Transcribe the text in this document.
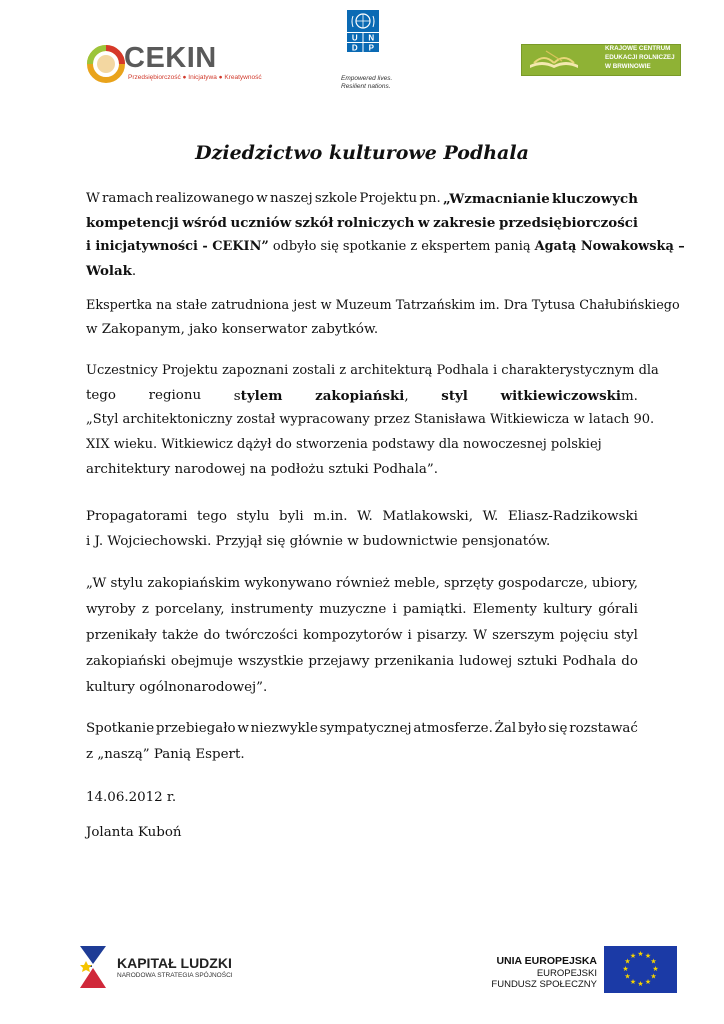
CEKIN
Przedsiębiorczość ● Inicjatywa ● Kreatywność
U N
D P
Empowered lives.
Resilient nations.
KRAJOWE CENTRUM
EDUKACJI ROLNICZEJ
W BRWINOWIE
Dziedzictwo kulturowe Podhala
W ramach realizowanego w naszej szkole Projektu pn. „Wzmacnianie kluczowych
kompetencji wśród uczniów szkół rolniczych w zakresie przedsiębiorczości
i inicjatywności - CEKIN” odbyło się spotkanie z ekspertem panią Agatą Nowakowską –
Wolak.
Ekspertka na stałe zatrudniona jest w Muzeum Tatrzańskim im. Dra Tytusa Chałubińskiego
w Zakopanym, jako konserwator zabytków.
Uczestnicy Projektu zapoznani zostali z architekturą Podhala i charakterystycznym dla
tego regionu stylem zakopiański, styl witkiewiczowskim.
„Styl architektoniczny został wypracowany przez Stanisława Witkiewicza w latach 90.
XIX wieku. Witkiewicz dążył do stworzenia podstawy dla nowoczesnej polskiej
architektury narodowej na podłożu sztuki Podhala”.
Propagatorami tego stylu byli m.in. W. Matlakowski, W. Eliasz-Radzikowski
i J. Wojciechowski. Przyjął się głównie w budownictwie pensjonatów.
„W stylu zakopiańskim wykonywano również meble, sprzęty gospodarcze, ubiory,
wyroby z porcelany, instrumenty muzyczne i pamiątki. Elementy kultury górali
przenikały także do twórczości kompozytorów i pisarzy. W szerszym pojęciu styl
zakopiański obejmuje wszystkie przejawy przenikania ludowej sztuki Podhala do
kultury ogólnonarodowej”.
Spotkanie przebiegało w niezwykle sympatycznej atmosferze. Żal było się rozstawać
z „naszą” Panią Espert.
14.06.2012 r.
Jolanta Kuboń
KAPITAŁ LUDZKI
NARODOWA STRATEGIA SPÓJNOŚCI
UNIA EUROPEJSKA
EUROPEJSKI
FUNDUSZ SPOŁECZNY
★ ★
★
★
★
★
★
★
★
★
★
★
